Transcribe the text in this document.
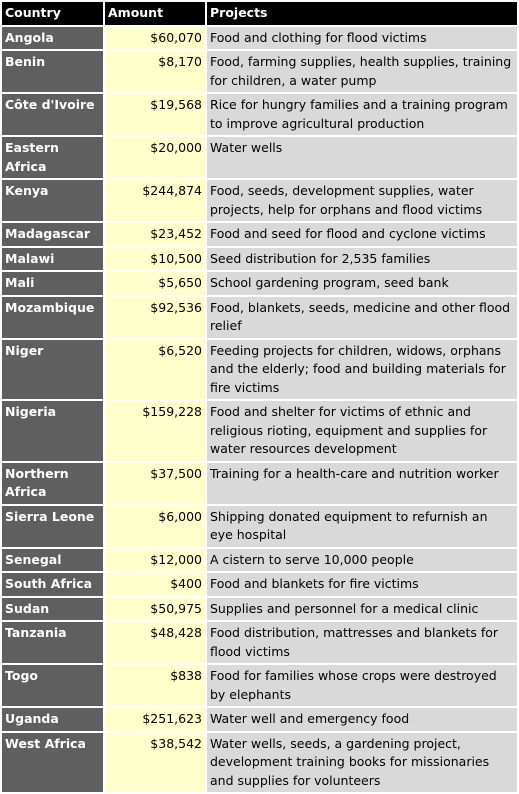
Country	Amount	Projects
Angola	$60,070	Food and clothing for flood victims
Benin	$8,170	Food, farming supplies, health supplies, training for children, a water pump
Côte d'Ivoire	$19,568	Rice for hungry families and a training program to improve agricultural production
Eastern Africa	$20,000	Water wells
Kenya	$244,874	Food, seeds, development supplies, water projects, help for orphans and flood victims
Madagascar	$23,452	Food and seed for flood and cyclone victims
Malawi	$10,500	Seed distribution for 2,535 families
Mali	$5,650	School gardening program, seed bank
Mozambique	$92,536	Food, blankets, seeds, medicine and other flood relief
Niger	$6,520	Feeding projects for children, widows, orphans and the elderly; food and building materials for fire victims
Nigeria	$159,228	Food and shelter for victims of ethnic and religious rioting, equipment and supplies for water resources development
Northern Africa	$37,500	Training for a health-care and nutrition worker
Sierra Leone	$6,000	Shipping donated equipment to refurnish an eye hospital
Senegal	$12,000	A cistern to serve 10,000 people
South Africa	$400	Food and blankets for fire victims
Sudan	$50,975	Supplies and personnel for a medical clinic
Tanzania	$48,428	Food distribution, mattresses and blankets for flood victims
Togo	$838	Food for families whose crops were destroyed by elephants
Uganda	$251,623	Water well and emergency food
West Africa	$38,542	Water wells, seeds, a gardening project, development training books for missionaries and supplies for volunteers
